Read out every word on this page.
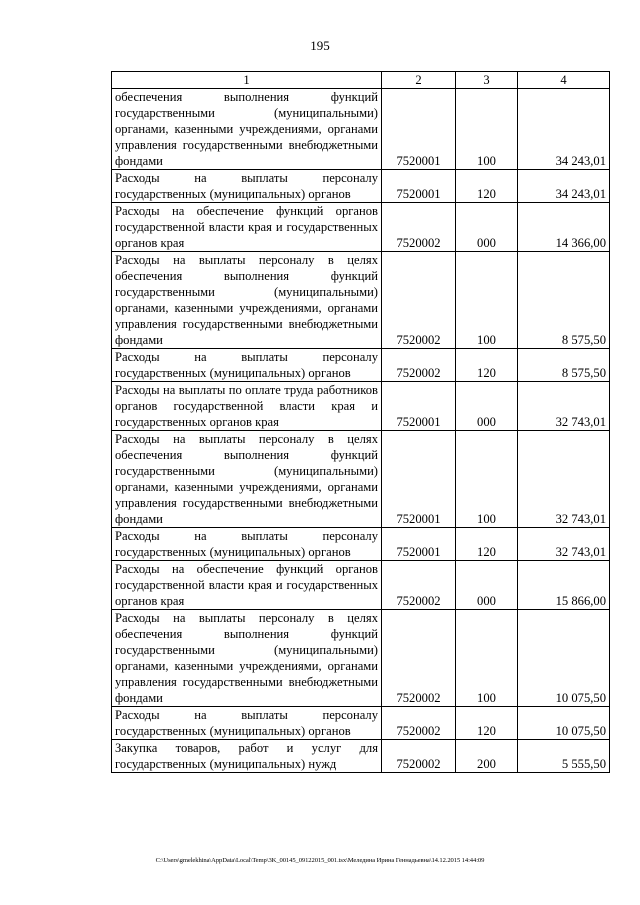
195
1	2	3	4
обеспечения выполнения функций государственными (муниципальными) органами, казенными учреждениями, органами управления государственными внебюджетными фондами	7520001	100	34 243,01
Расходы на выплаты персоналу государственных (муниципальных) органов	7520001	120	34 243,01
Расходы на обеспечение функций органов государственной власти края и государственных органов края	7520002	000	14 366,00
Расходы на выплаты персоналу в целях обеспечения выполнения функций государственными (муниципальными) органами, казенными учреждениями, органами управления государственными внебюджетными фондами	7520002	100	8 575,50
Расходы на выплаты персоналу государственных (муниципальных) органов	7520002	120	8 575,50
Расходы на выплаты по оплате труда работников органов государственной власти края и государственных органов края	7520001	000	32 743,01
Расходы на выплаты персоналу в целях обеспечения выполнения функций государственными (муниципальными) органами, казенными учреждениями, органами управления государственными внебюджетными фондами	7520001	100	32 743,01
Расходы на выплаты персоналу государственных (муниципальных) органов	7520001	120	32 743,01
Расходы на обеспечение функций органов государственной власти края и государственных органов края	7520002	000	15 866,00
Расходы на выплаты персоналу в целях обеспечения выполнения функций государственными (муниципальными) органами, казенными учреждениями, органами управления государственными внебюджетными фондами	7520002	100	10 075,50
Расходы на выплаты персоналу государственных (муниципальных) органов	7520002	120	10 075,50
Закупка товаров, работ и услуг для государственных (муниципальных) нужд	7520002	200	5 555,50
C:\Users\gmelekhina\AppData\Local\Temp\3K_00145_09122015_001.tsx\Меледина Ирина Геннадьевна\14.12.2015 14:44:09
